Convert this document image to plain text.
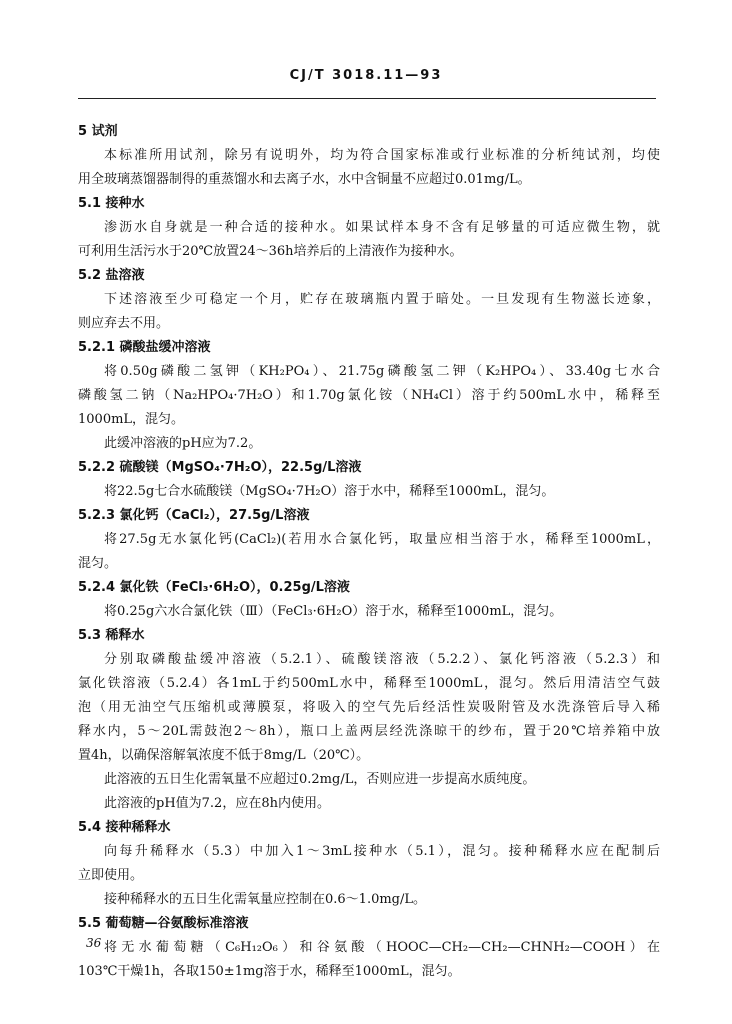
CJ/T 3018.11—93
5 试剂
本标准所用试剂，除另有说明外，均为符合国家标准或行业标准的分析纯试剂，均使
用全玻璃蒸馏器制得的重蒸馏水和去离子水，水中含铜量不应超过0.01mg/L。
5.1 接种水
渗沥水自身就是一种合适的接种水。如果试样本身不含有足够量的可适应微生物，就
可利用生活污水于20℃放置24～36h培养后的上清液作为接种水。
5.2 盐溶液
下述溶液至少可稳定一个月，贮存在玻璃瓶内置于暗处。一旦发现有生物滋长迹象，
则应弃去不用。
5.2.1 磷酸盐缓冲溶液
将0.50g磷酸二氢钾（KH₂PO₄）、21.75g磷酸氢二钾（K₂HPO₄）、33.40g七水合
磷酸氢二钠（Na₂HPO₄·7H₂O）和1.70g氯化铵（NH₄Cl）溶于约500mL水中，稀释至
1000mL，混匀。
此缓冲溶液的pH应为7.2。
5.2.2 硫酸镁（MgSO₄·7H₂O），22.5g/L溶液
将22.5g七合水硫酸镁（MgSO₄·7H₂O）溶于水中，稀释至1000mL，混匀。
5.2.3 氯化钙（CaCl₂），27.5g/L溶液
将27.5g无水氯化钙(CaCl₂)(若用水合氯化钙，取量应相当溶于水，稀释至1000mL，
混匀。
5.2.4 氯化铁（FeCl₃·6H₂O），0.25g/L溶液
将0.25g六水合氯化铁（Ⅲ）（FeCl₃·6H₂O）溶于水，稀释至1000mL，混匀。
5.3 稀释水
分别取磷酸盐缓冲溶液（5.2.1）、硫酸镁溶液（5.2.2）、氯化钙溶液（5.2.3）和
氯化铁溶液（5.2.4）各1mL于约500mL水中，稀释至1000mL，混匀。然后用清洁空气鼓
泡（用无油空气压缩机或薄膜泵，将吸入的空气先后经活性炭吸附管及水洗涤管后导入稀
释水内，5～20L需鼓泡2～8h），瓶口上盖两层经洗涤晾干的纱布，置于20℃培养箱中放
置4h，以确保溶解氧浓度不低于8mg/L（20℃）。
此溶液的五日生化需氧量不应超过0.2mg/L，否则应进一步提高水质纯度。
此溶液的pH值为7.2，应在8h内使用。
5.4 接种稀释水
向每升稀释水（5.3）中加入1～3mL接种水（5.1），混匀。接种稀释水应在配制后
立即使用。
接种稀释水的五日生化需氧量应控制在0.6～1.0mg/L。
5.5 葡萄糖—谷氨酸标准溶液
将无水葡萄糖（C₆H₁₂O₆）和谷氨酸（HOOC—CH₂—CH₂—CHNH₂—COOH）在
103℃干燥1h，各取150±1mg溶于水，稀释至1000mL，混匀。
36
